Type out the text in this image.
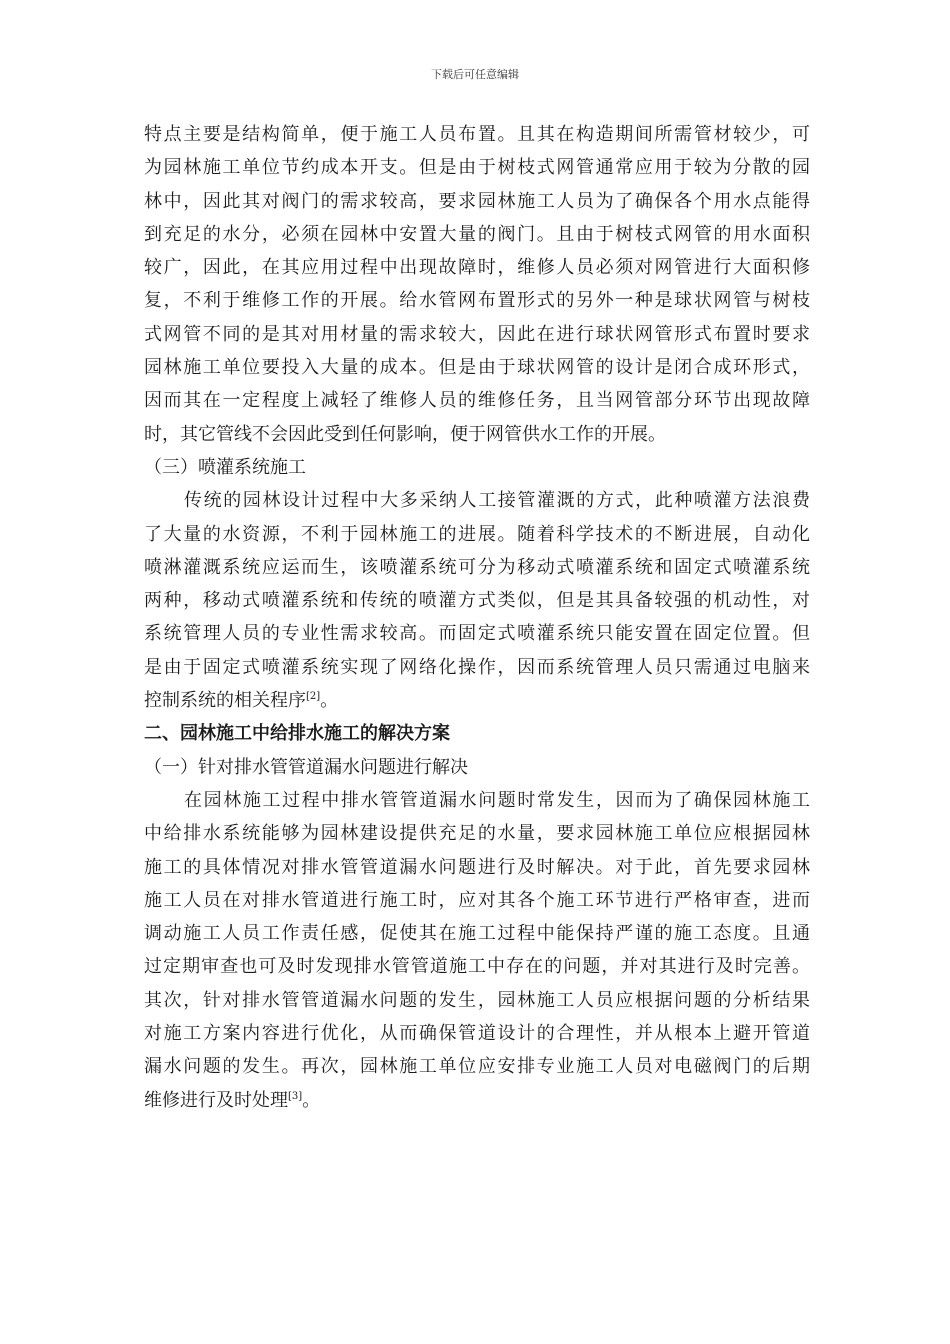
下载后可任意编辑
特点主要是结构简单，便于施工人员布置。且其在构造期间所需管材较少，可
为园林施工单位节约成本开支。但是由于树枝式网管通常应用于较为分散的园
林中，因此其对阀门的需求较高，要求园林施工人员为了确保各个用水点能得
到充足的水分，必须在园林中安置大量的阀门。且由于树枝式网管的用水面积
较广，因此，在其应用过程中出现故障时，维修人员必须对网管进行大面积修
复，不利于维修工作的开展。给水管网布置形式的另外一种是球状网管与树枝
式网管不同的是其对用材量的需求较大，因此在进行球状网管形式布置时要求
园林施工单位要投入大量的成本。但是由于球状网管的设计是闭合成环形式，
因而其在一定程度上减轻了维修人员的维修任务，且当网管部分环节出现故障
时，其它管线不会因此受到任何影响，便于网管供水工作的开展。
（三）喷灌系统施工
传统的园林设计过程中大多采纳人工接管灌溉的方式，此种喷灌方法浪费
了大量的水资源，不利于园林施工的进展。随着科学技术的不断进展，自动化
喷淋灌溉系统应运而生，该喷灌系统可分为移动式喷灌系统和固定式喷灌系统
两种，移动式喷灌系统和传统的喷灌方式类似，但是其具备较强的机动性，对
系统管理人员的专业性需求较高。而固定式喷灌系统只能安置在固定位置。但
是由于固定式喷灌系统实现了网络化操作，因而系统管理人员只需通过电脑来
控制系统的相关程序[2]。
二、园林施工中给排水施工的解决方案
（一）针对排水管管道漏水问题进行解决
在园林施工过程中排水管管道漏水问题时常发生，因而为了确保园林施工
中给排水系统能够为园林建设提供充足的水量，要求园林施工单位应根据园林
施工的具体情况对排水管管道漏水问题进行及时解决。对于此，首先要求园林
施工人员在对排水管道进行施工时，应对其各个施工环节进行严格审查，进而
调动施工人员工作责任感，促使其在施工过程中能保持严谨的施工态度。且通
过定期审查也可及时发现排水管管道施工中存在的问题，并对其进行及时完善。
其次，针对排水管管道漏水问题的发生，园林施工人员应根据问题的分析结果
对施工方案内容进行优化，从而确保管道设计的合理性，并从根本上避开管道
漏水问题的发生。再次，园林施工单位应安排专业施工人员对电磁阀门的后期
维修进行及时处理[3]。
